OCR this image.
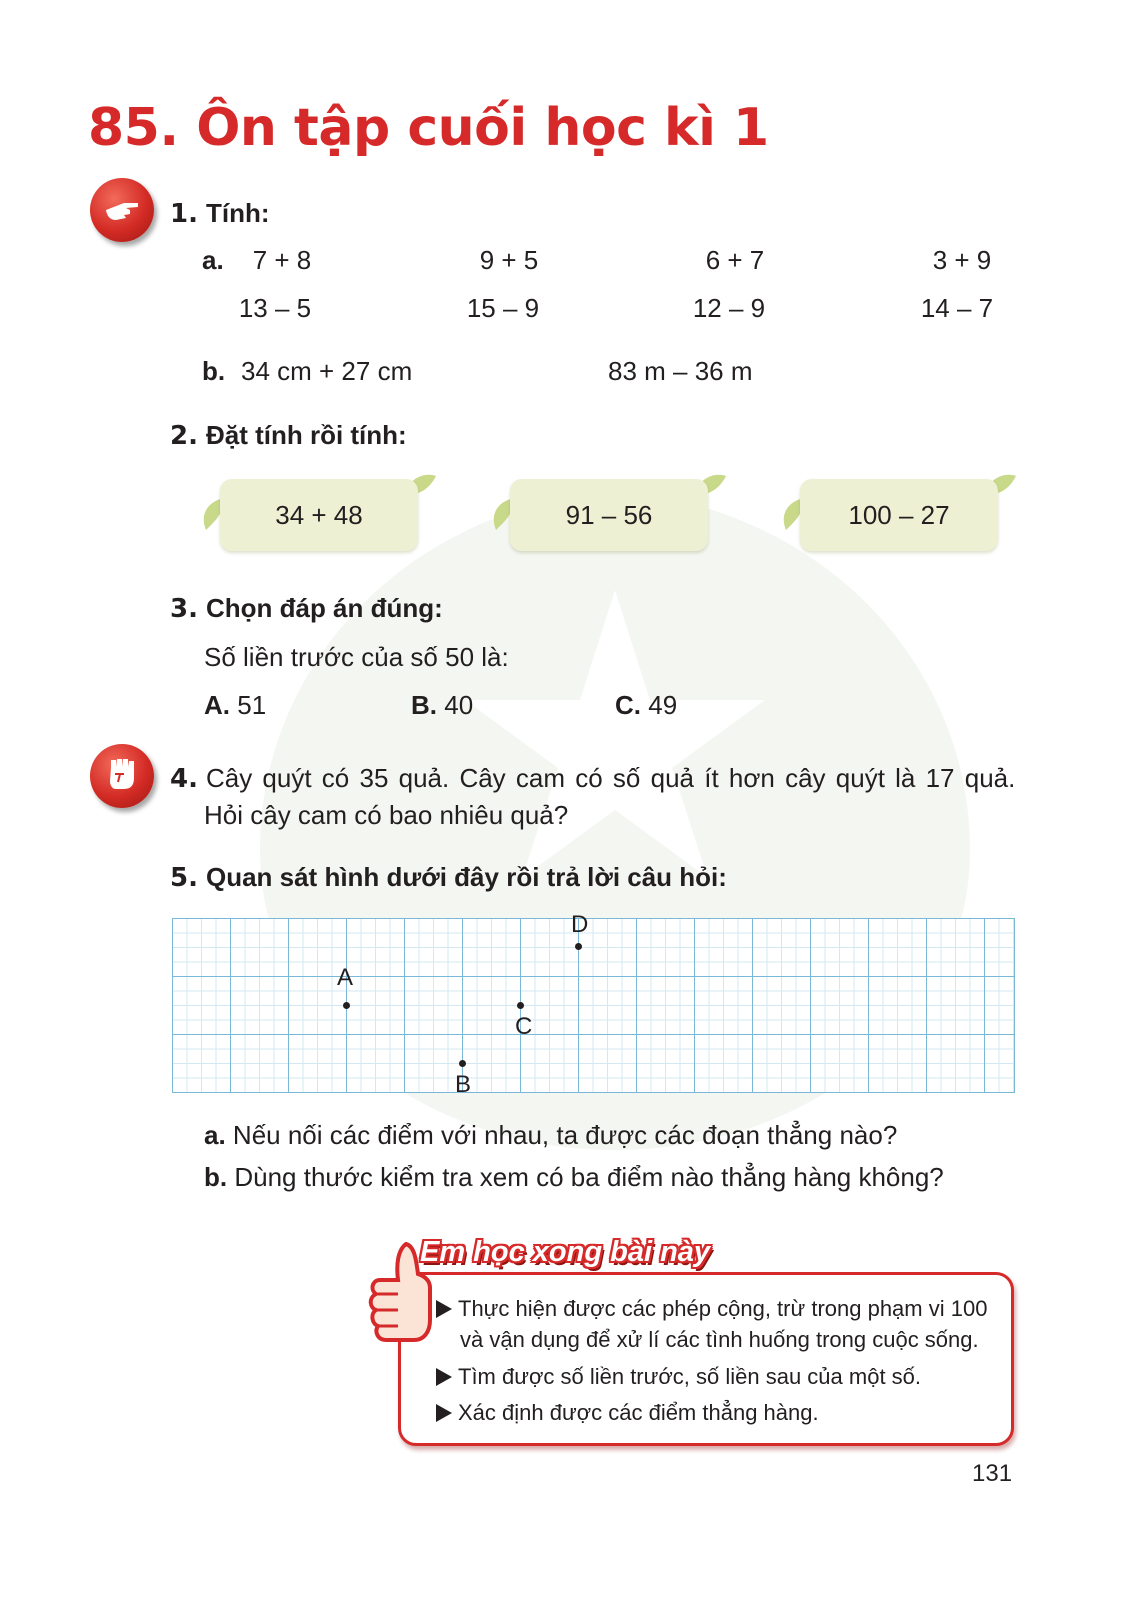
85. Ôn tập cuối học kì 1
1. Tính:
a.	7 + 8	9 + 5	6 + 7	3 + 9
13 – 5	15 – 9	12 – 9	14 – 7
b. 34 cm + 27 cm	83 m – 36 m
2. Đặt tính rồi tính:
34 + 48	91 – 56	100 – 27
3. Chọn đáp án đúng:
Số liền trước của số 50 là:
A. 51	B. 40	C. 49
4. Cây quýt có 35 quả. Cây cam có số quả ít hơn cây quýt là 17 quả.
Hỏi cây cam có bao nhiêu quả?
5. Quan sát hình dưới đây rồi trả lời câu hỏi:
A
B
C
D
a. Nếu nối các điểm với nhau, ta được các đoạn thẳng nào?
b. Dùng thước kiểm tra xem có ba điểm nào thẳng hàng không?
Em học xong bài này
Thực hiện được các phép cộng, trừ trong phạm vi 100
và vận dụng để xử lí các tình huống trong cuộc sống.
Tìm được số liền trước, số liền sau của một số.
Xác định được các điểm thẳng hàng.
131
